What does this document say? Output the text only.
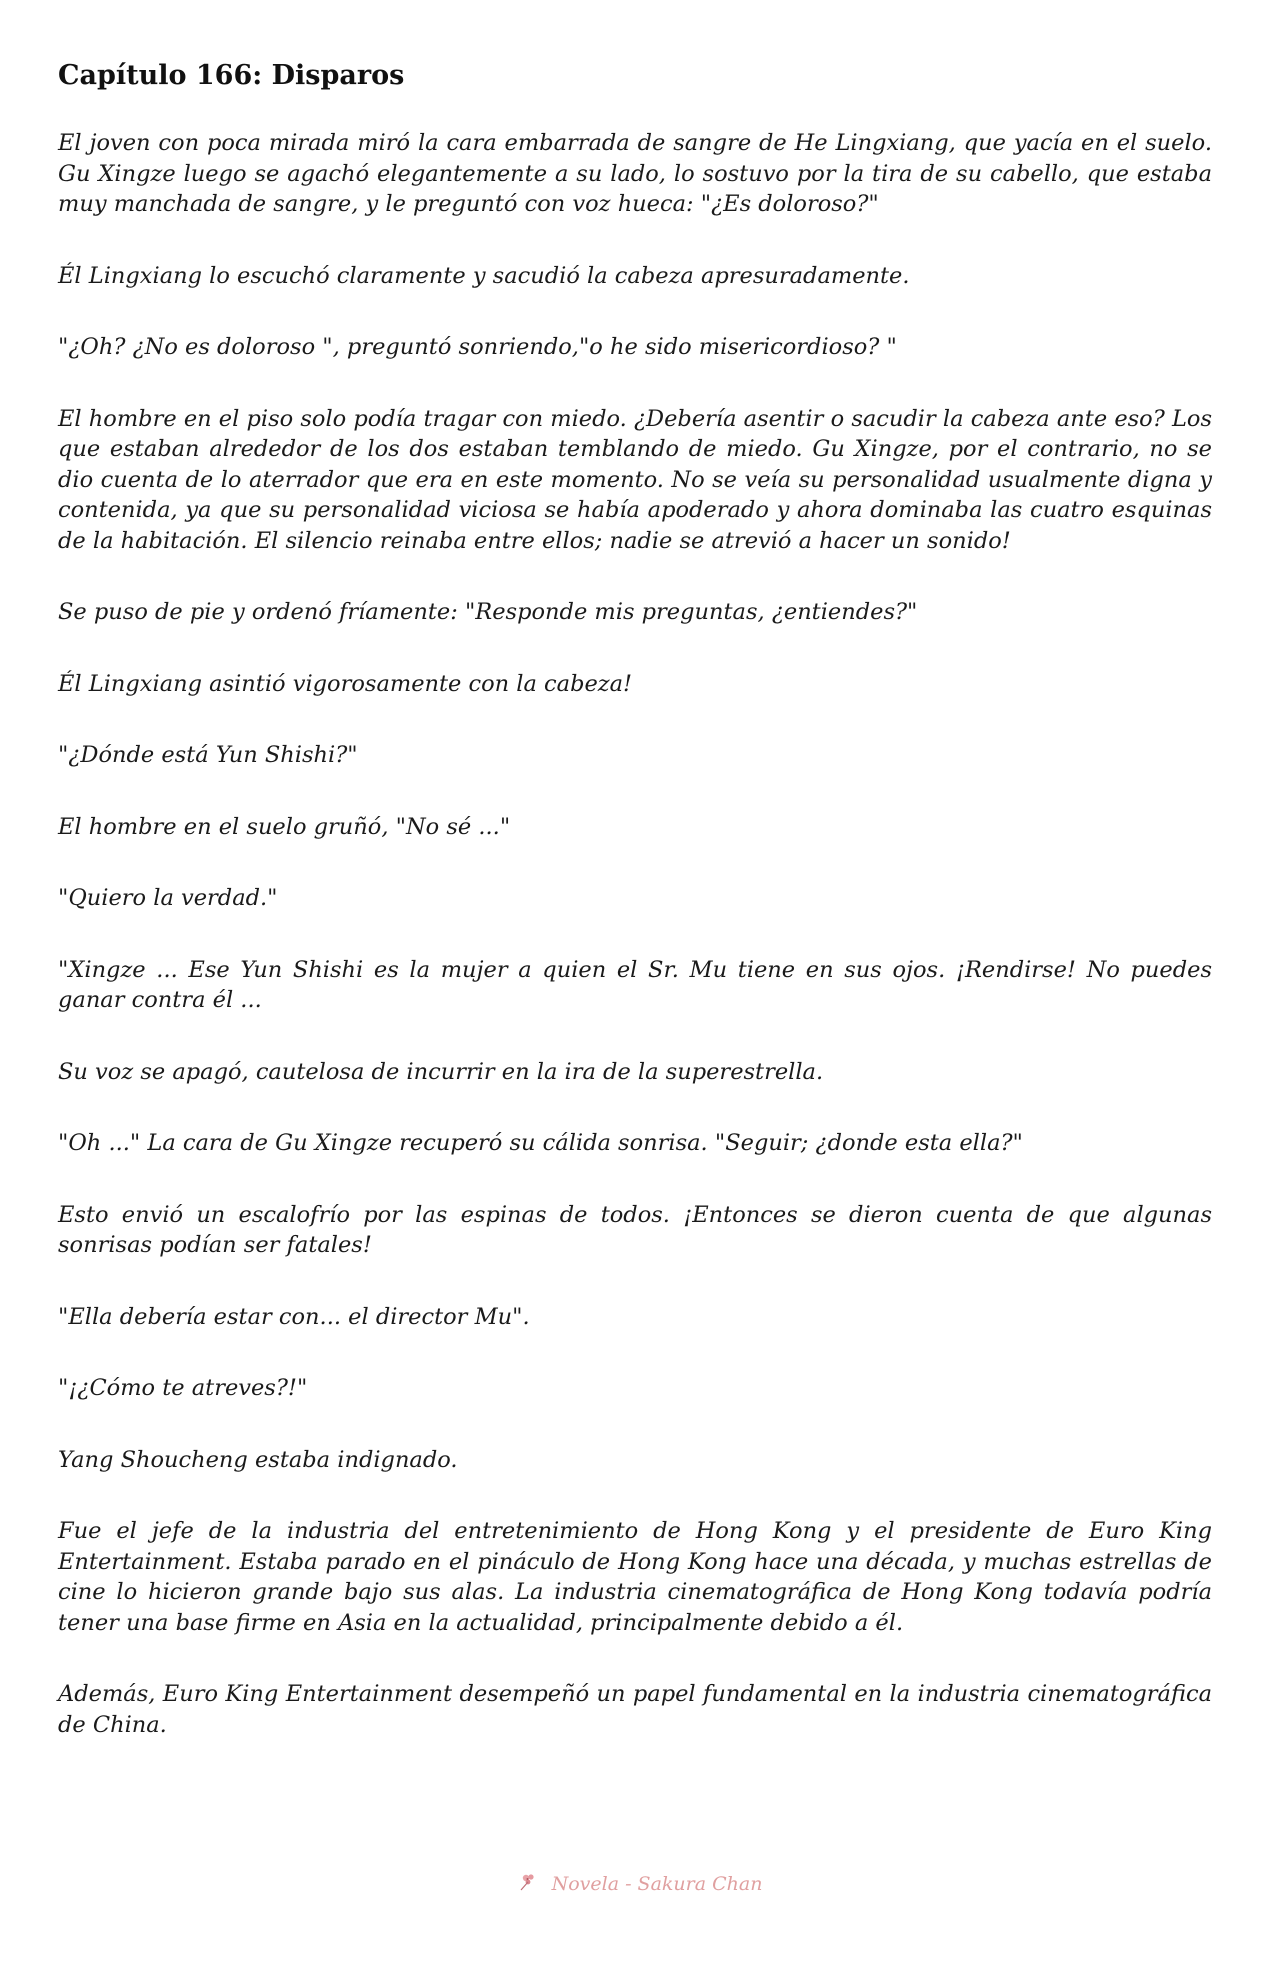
Capítulo 166: Disparos

El joven con poca mirada miró la cara embarrada de sangre de He Lingxiang, que yacía en el suelo. Gu Xingze luego se agachó elegantemente a su lado, lo sostuvo por la tira de su cabello, que estaba muy manchada de sangre, y le preguntó con voz hueca: "¿Es doloroso?"

Él Lingxiang lo escuchó claramente y sacudió la cabeza apresuradamente.

"¿Oh? ¿No es doloroso ", preguntó sonriendo,"o he sido misericordioso? "

El hombre en el piso solo podía tragar con miedo. ¿Debería asentir o sacudir la cabeza ante eso? Los que estaban alrededor de los dos estaban temblando de miedo. Gu Xingze, por el contrario, no se dio cuenta de lo aterrador que era en este momento. No se veía su personalidad usualmente digna y contenida, ya que su personalidad viciosa se había apoderado y ahora dominaba las cuatro esquinas de la habitación. El silencio reinaba entre ellos; nadie se atrevió a hacer un sonido!

Se puso de pie y ordenó fríamente: "Responde mis preguntas, ¿entiendes?"

Él Lingxiang asintió vigorosamente con la cabeza!

"¿Dónde está Yun Shishi?"

El hombre en el suelo gruñó, "No sé ..."

"Quiero la verdad."

"Xingze ... Ese Yun Shishi es la mujer a quien el Sr. Mu tiene en sus ojos. ¡Rendirse! No puedes ganar contra él ...

Su voz se apagó, cautelosa de incurrir en la ira de la superestrella.

"Oh ..." La cara de Gu Xingze recuperó su cálida sonrisa. "Seguir; ¿donde esta ella?"

Esto envió un escalofrío por las espinas de todos. ¡Entonces se dieron cuenta de que algunas sonrisas podían ser fatales!

"Ella debería estar con... el director Mu".

"¡¿Cómo te atreves?!"

Yang Shoucheng estaba indignado.

Fue el jefe de la industria del entretenimiento de Hong Kong y el presidente de Euro King Entertainment. Estaba parado en el pináculo de Hong Kong hace una década, y muchas estrellas de cine lo hicieron grande bajo sus alas. La industria cinematográfica de Hong Kong todavía podría tener una base firme en Asia en la actualidad, principalmente debido a él.

Además, Euro King Entertainment desempeñó un papel fundamental en la industria cinematográfica de China.

Novela - Sakura Chan
